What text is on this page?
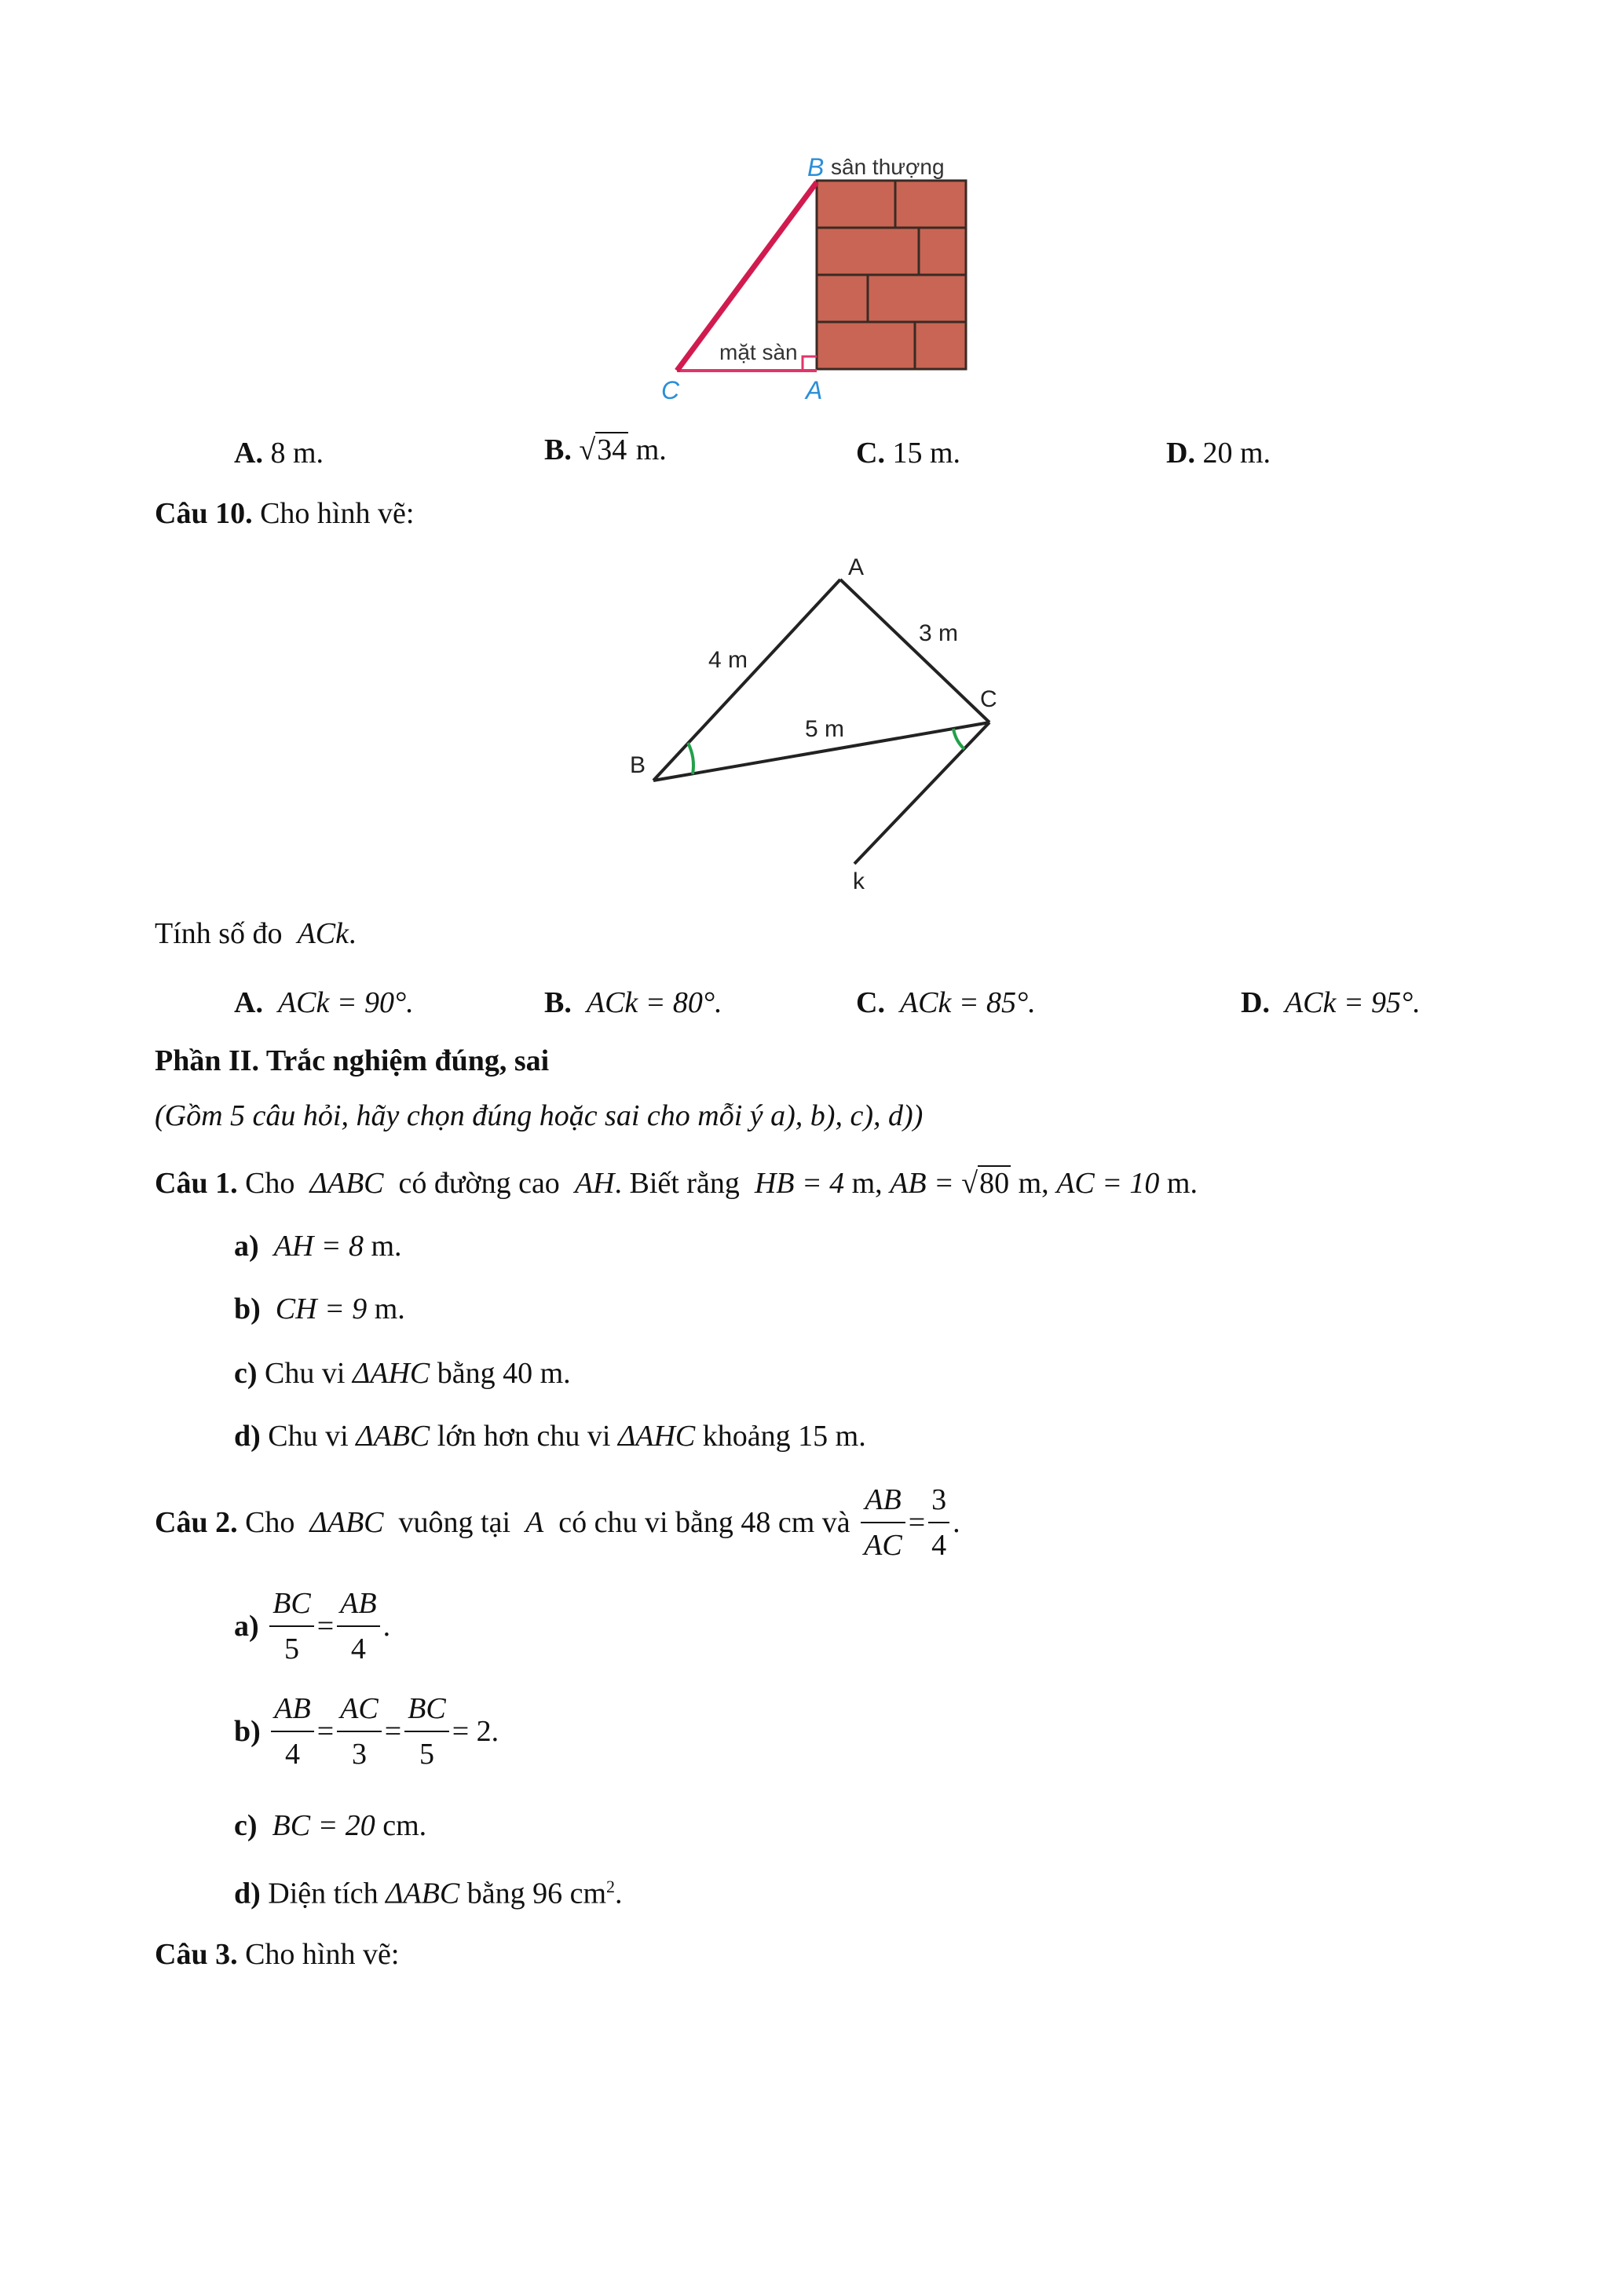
B sân thượng
mặt sàn
C	A
A. 8 m.	B. √34 m.	C. 15 m.	D. 20 m.
Câu 10. Cho hình vẽ:
A
B
C
k
4 m
3 m
5 m
Tính số đo ACk.
A. ACk = 90°.	B. ACk = 80°.	C. ACk = 85°.	D. ACk = 95°.
Phần II. Trắc nghiệm đúng, sai
(Gồm 5 câu hỏi, hãy chọn đúng hoặc sai cho mỗi ý a), b), c), d))
Câu 1. Cho ΔABC có đường cao AH. Biết rằng HB = 4 m, AB = √80 m, AC = 10 m.
a) AH = 8 m.
b) CH = 9 m.
c) Chu vi ΔAHC bằng 40 m.
d) Chu vi ΔABC lớn hơn chu vi ΔAHC khoảng 15 m.
Câu 2. Cho ΔABC vuông tại A có chu vi bằng 48 cm và $\frac{AB}{AC} = \frac{3}{4}$ .
$a) \frac{BC}{5} = \frac{AB}{4}$ .
$b) \frac{AB}{4} = \frac{AC}{3} = \frac{BC}{5} = 2$.
c) BC = 20 cm.
d) Diện tích ΔABC bằng 96 $cm^2$.
Câu 3. Cho hình vẽ:
